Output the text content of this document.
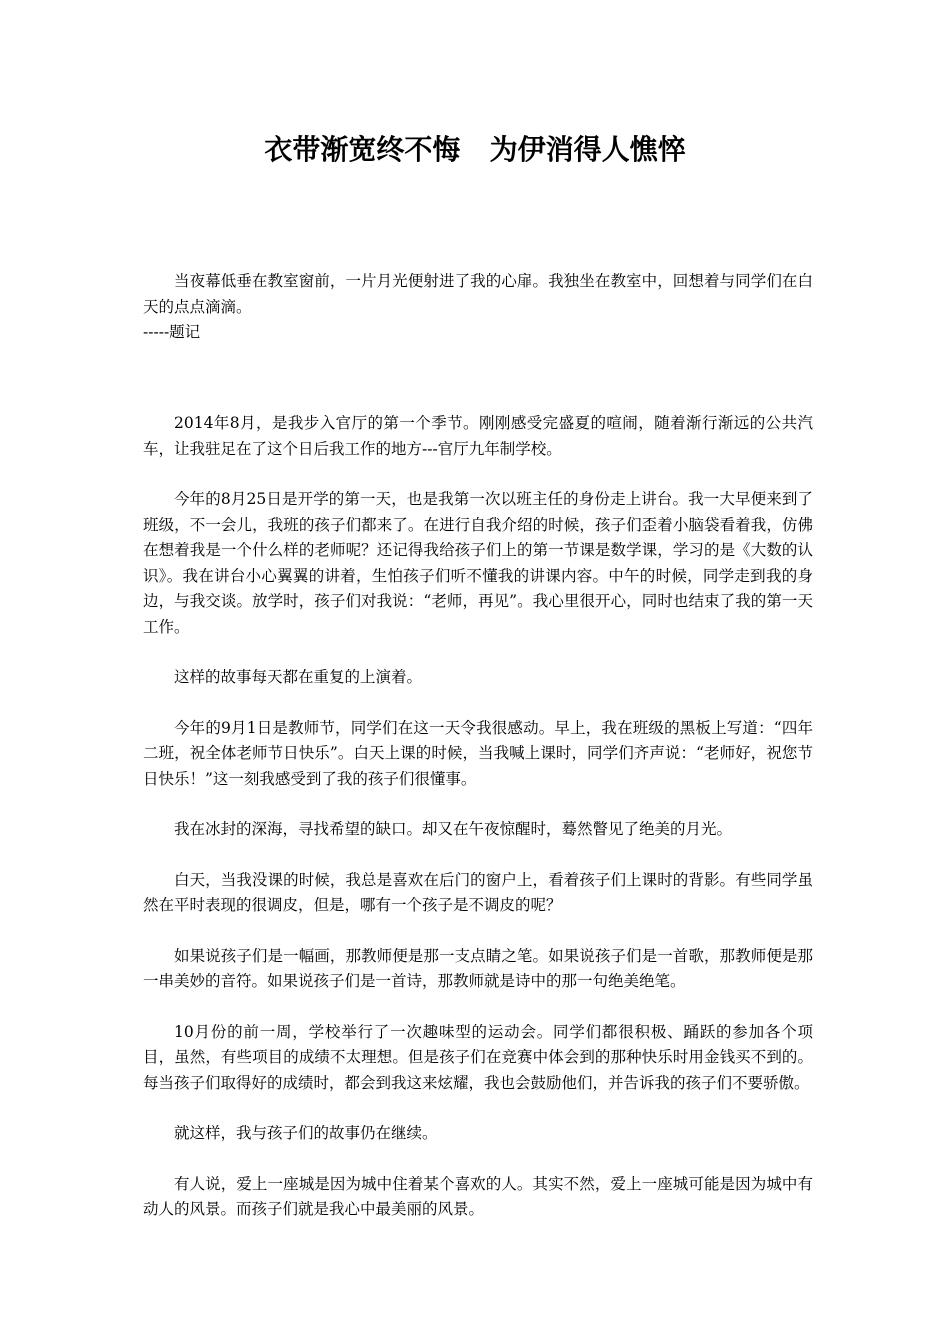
衣带渐宽终不悔   为伊消得人憔悴

当夜幕低垂在教室窗前，一片月光便射进了我的心扉。我独坐在教室中，回想着与同学们在白天的点点滴滴。

-----题记

2014年8月，是我步入官厅的第一个季节。刚刚感受完盛夏的喧闹，随着渐行渐远的公共汽车，让我驻足在了这个日后我工作的地方---官厅九年制学校。

今年的8月25日是开学的第一天，也是我第一次以班主任的身份走上讲台。我一大早便来到了班级，不一会儿，我班的孩子们都来了。在进行自我介绍的时候，孩子们歪着小脑袋看着我，仿佛在想着我是一个什么样的老师呢？还记得我给孩子们上的第一节课是数学课，学习的是《大数的认识》。我在讲台小心翼翼的讲着，生怕孩子们听不懂我的讲课内容。中午的时候，同学走到我的身边，与我交谈。放学时，孩子们对我说：“老师，再见”。我心里很开心，同时也结束了我的第一天工作。

这样的故事每天都在重复的上演着。

今年的9月1日是教师节，同学们在这一天令我很感动。早上，我在班级的黑板上写道：“四年二班，祝全体老师节日快乐”。白天上课的时候，当我喊上课时，同学们齐声说：“老师好，祝您节日快乐！”这一刻我感受到了我的孩子们很懂事。

我在冰封的深海，寻找希望的缺口。却又在午夜惊醒时，蓦然瞥见了绝美的月光。

白天，当我没课的时候，我总是喜欢在后门的窗户上，看着孩子们上课时的背影。有些同学虽然在平时表现的很调皮，但是，哪有一个孩子是不调皮的呢？

如果说孩子们是一幅画，那教师便是那一支点睛之笔。如果说孩子们是一首歌，那教师便是那一串美妙的音符。如果说孩子们是一首诗，那教师就是诗中的那一句绝美绝笔。

10月份的前一周，学校举行了一次趣味型的运动会。同学们都很积极、踊跃的参加各个项目，虽然，有些项目的成绩不太理想。但是孩子们在竞赛中体会到的那种快乐时用金钱买不到的。每当孩子们取得好的成绩时，都会到我这来炫耀，我也会鼓励他们，并告诉我的孩子们不要骄傲。

就这样，我与孩子们的故事仍在继续。

有人说，爱上一座城是因为城中住着某个喜欢的人。其实不然，爱上一座城可能是因为城中有动人的风景。而孩子们就是我心中最美丽的风景。
